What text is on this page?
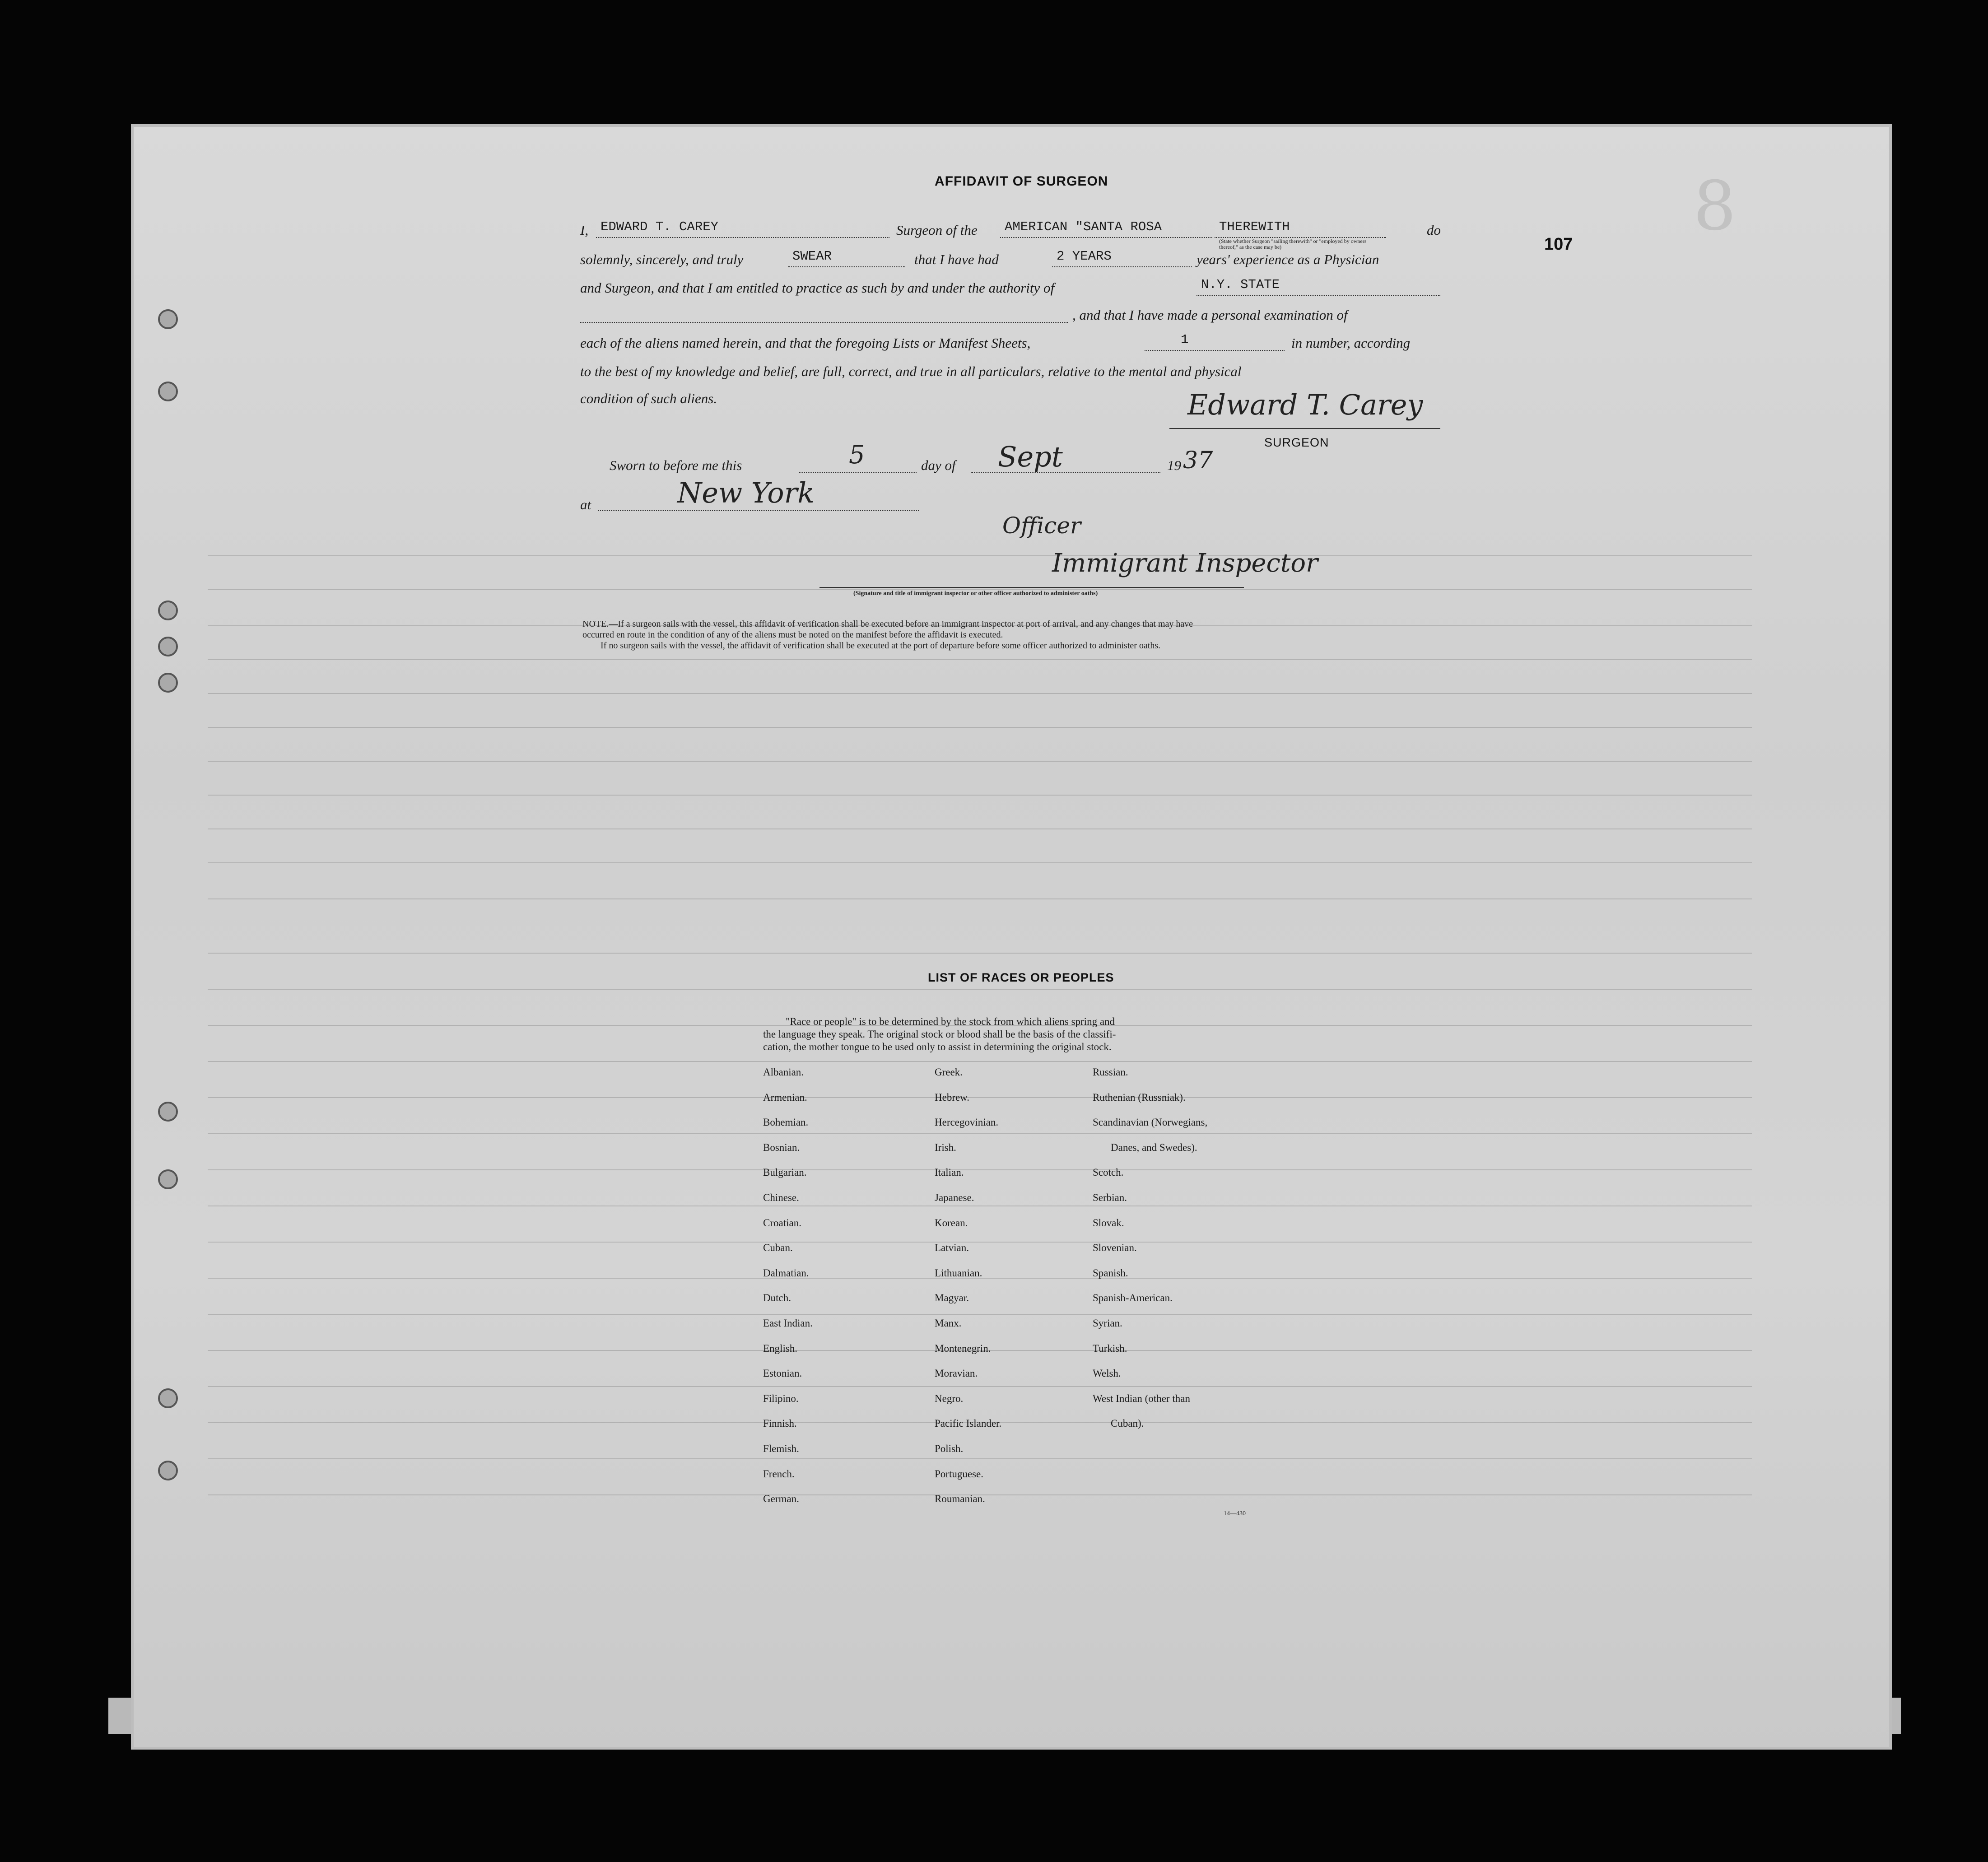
8
107
AFFIDAVIT OF SURGEON
I, EDWARD T. CAREY	Surgeon of the AMERICAN "SANTA ROSA	THEREWITH
(State whether Surgeon "sailing therewith" or "employed by owners thereof," as the case may be)
do
solemnly, sincerely, and truly	SWEAR	that I have had	2 YEARS	years' experience as a Physician
and Surgeon, and that I am entitled to practice as such by and under the authority of	N.Y. STATE
, and that I have made a personal examination of
each of the aliens named herein, and that the foregoing Lists or Manifest Sheets,	1	in number, according
to the best of my knowledge and belief, are full, correct, and true in all particulars, relative to the mental and physical
condition of such aliens.	Edward T. Carey
SURGEON
Sworn to before me this	5	day of Sept	19 37
at	New York
Officer
Immigrant Inspector
(Signature and title of immigrant inspector or other officer authorized to administer oaths)
NOTE.—If a surgeon sails with the vessel, this affidavit of verification shall be executed before an immigrant inspector at port of arrival, and any changes that may have
occurred en route in the condition of any of the aliens must be noted on the manifest before the affidavit is executed.
If no surgeon sails with the vessel, the affidavit of verification shall be executed at the port of departure before some officer authorized to administer oaths.
LIST OF RACES OR PEOPLES
"Race or people" is to be determined by the stock from which aliens spring and
the language they speak. The original stock or blood shall be the basis of the classifi-
cation, the mother tongue to be used only to assist in determining the original stock.
Albanian.
Armenian.
Bohemian.
Bosnian.
Bulgarian.
Chinese.
Croatian.
Cuban.
Dalmatian.
Dutch.
East Indian.
English.
Estonian.
Filipino.
Finnish.
Flemish.
French.
German.
Greek.
Hebrew.
Hercegovinian.
Irish.
Italian.
Japanese.
Korean.
Latvian.
Lithuanian.
Magyar.
Manx.
Montenegrin.
Moravian.
Negro.
Pacific Islander.
Polish.
Portuguese.
Roumanian.
Russian.
Ruthenian (Russniak).
Scandinavian (Norwegians,
Danes, and Swedes).
Scotch.
Serbian.
Slovak.
Slovenian.
Spanish.
Spanish-American.
Syrian.
Turkish.
Welsh.
West Indian (other than
Cuban).
14—430
